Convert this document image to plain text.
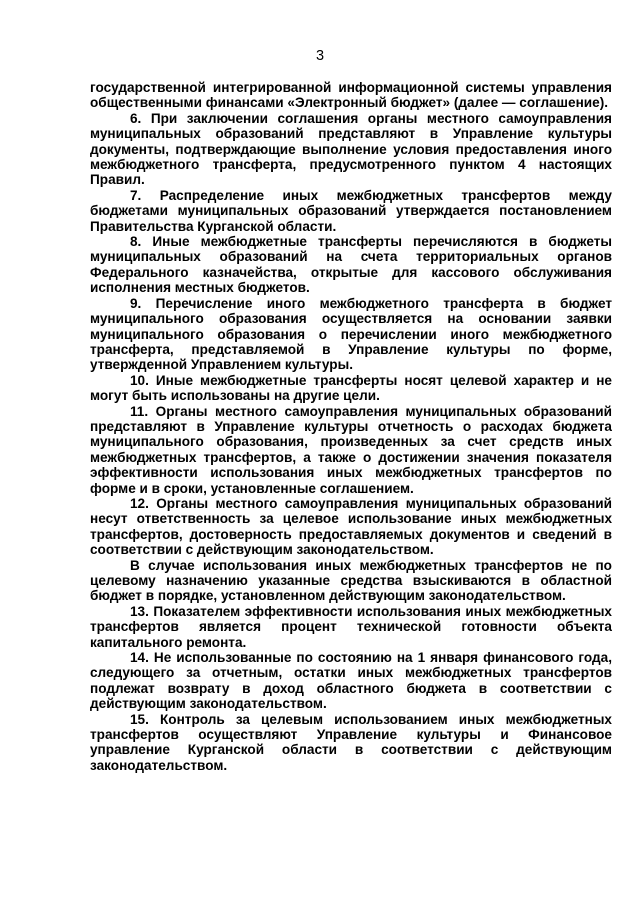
3

государственной интегрированной информационной системы управления общественными финансами «Электронный бюджет» (далее — соглашение).

6. При заключении соглашения органы местного самоуправления муниципальных образований представляют в Управление культуры документы, подтверждающие выполнение условия предоставления иного межбюджетного трансферта, предусмотренного пунктом 4 настоящих Правил.

7. Распределение иных межбюджетных трансфертов между бюджетами муниципальных образований утверждается постановлением Правительства Курганской области.

8. Иные межбюджетные трансферты перечисляются в бюджеты муниципальных образований на счета территориальных органов Федерального казначейства, открытые для кассового обслуживания исполнения местных бюджетов.

9. Перечисление иного межбюджетного трансферта в бюджет муниципального образования осуществляется на основании заявки муниципального образования о перечислении иного межбюджетного трансферта, представляемой в Управление культуры по форме, утвержденной Управлением культуры.

10. Иные межбюджетные трансферты носят целевой характер и не могут быть использованы на другие цели.

11. Органы местного самоуправления муниципальных образований представляют в Управление культуры отчетность о расходах бюджета муниципального образования, произведенных за счет средств иных межбюджетных трансфертов, а также о достижении значения показателя эффективности использования иных межбюджетных трансфертов по форме и в сроки, установленные соглашением.

12. Органы местного самоуправления муниципальных образований несут ответственность за целевое использование иных межбюджетных трансфертов, достоверность предоставляемых документов и сведений в соответствии с действующим законодательством.

В случае использования иных межбюджетных трансфертов не по целевому назначению указанные средства взыскиваются в областной бюджет в порядке, установленном действующим законодательством.

13. Показателем эффективности использования иных межбюджетных трансфертов является процент технической готовности объекта капитального ремонта.

14. Не использованные по состоянию на 1 января финансового года, следующего за отчетным, остатки иных межбюджетных трансфертов подлежат возврату в доход областного бюджета в соответствии с действующим законодательством.

15. Контроль за целевым использованием иных межбюджетных трансфертов осуществляют Управление культуры и Финансовое управление Курганской области в соответствии с действующим законодательством.
